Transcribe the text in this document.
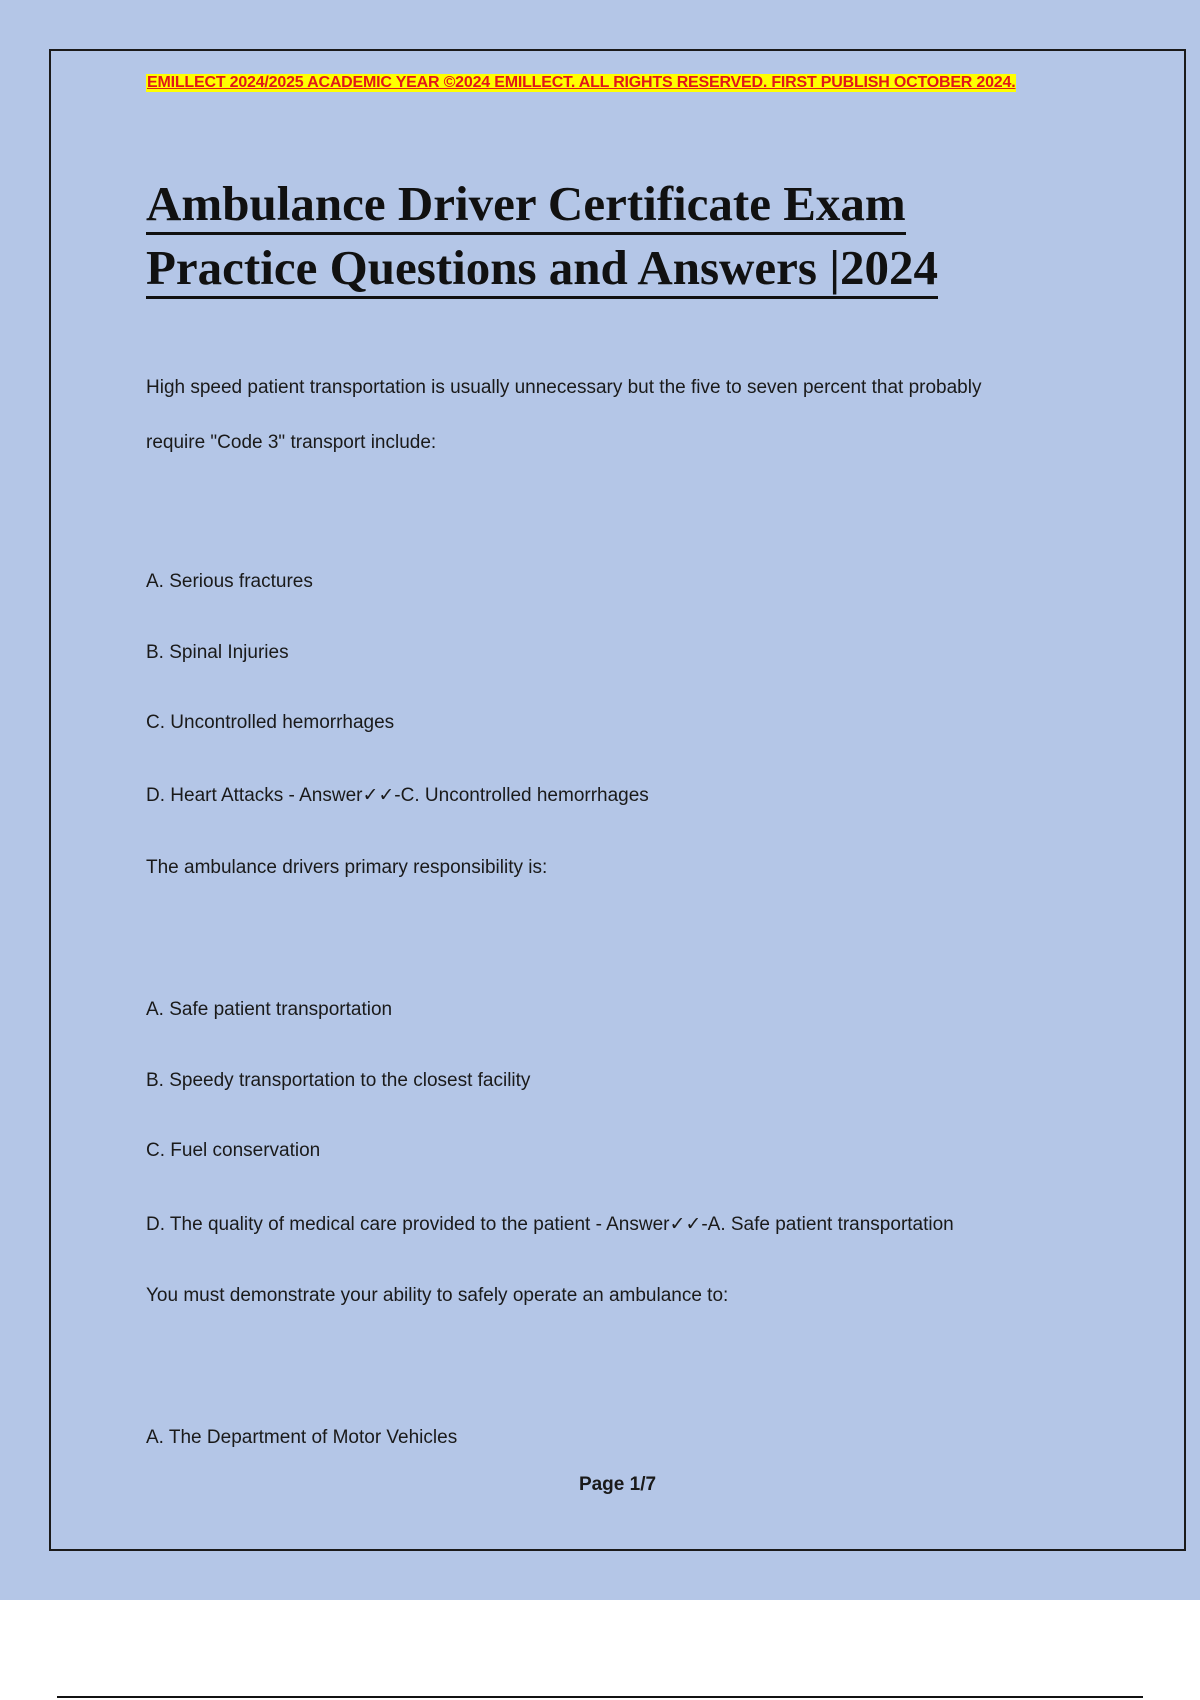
EMILLECT 2024/2025 ACADEMIC YEAR ©2024 EMILLECT. ALL RIGHTS RESERVED. FIRST PUBLISH OCTOBER 2024.
Ambulance Driver Certificate Exam
Practice Questions and Answers |2024
High speed patient transportation is usually unnecessary but the five to seven percent that probably
require "Code 3" transport include:
A. Serious fractures
B. Spinal Injuries
C. Uncontrolled hemorrhages
D. Heart Attacks - Answer✓✓-C. Uncontrolled hemorrhages
The ambulance drivers primary responsibility is:
A. Safe patient transportation
B. Speedy transportation to the closest facility
C. Fuel conservation
D. The quality of medical care provided to the patient - Answer✓✓-A. Safe patient transportation
You must demonstrate your ability to safely operate an ambulance to:
A. The Department of Motor Vehicles
Page 1/7
